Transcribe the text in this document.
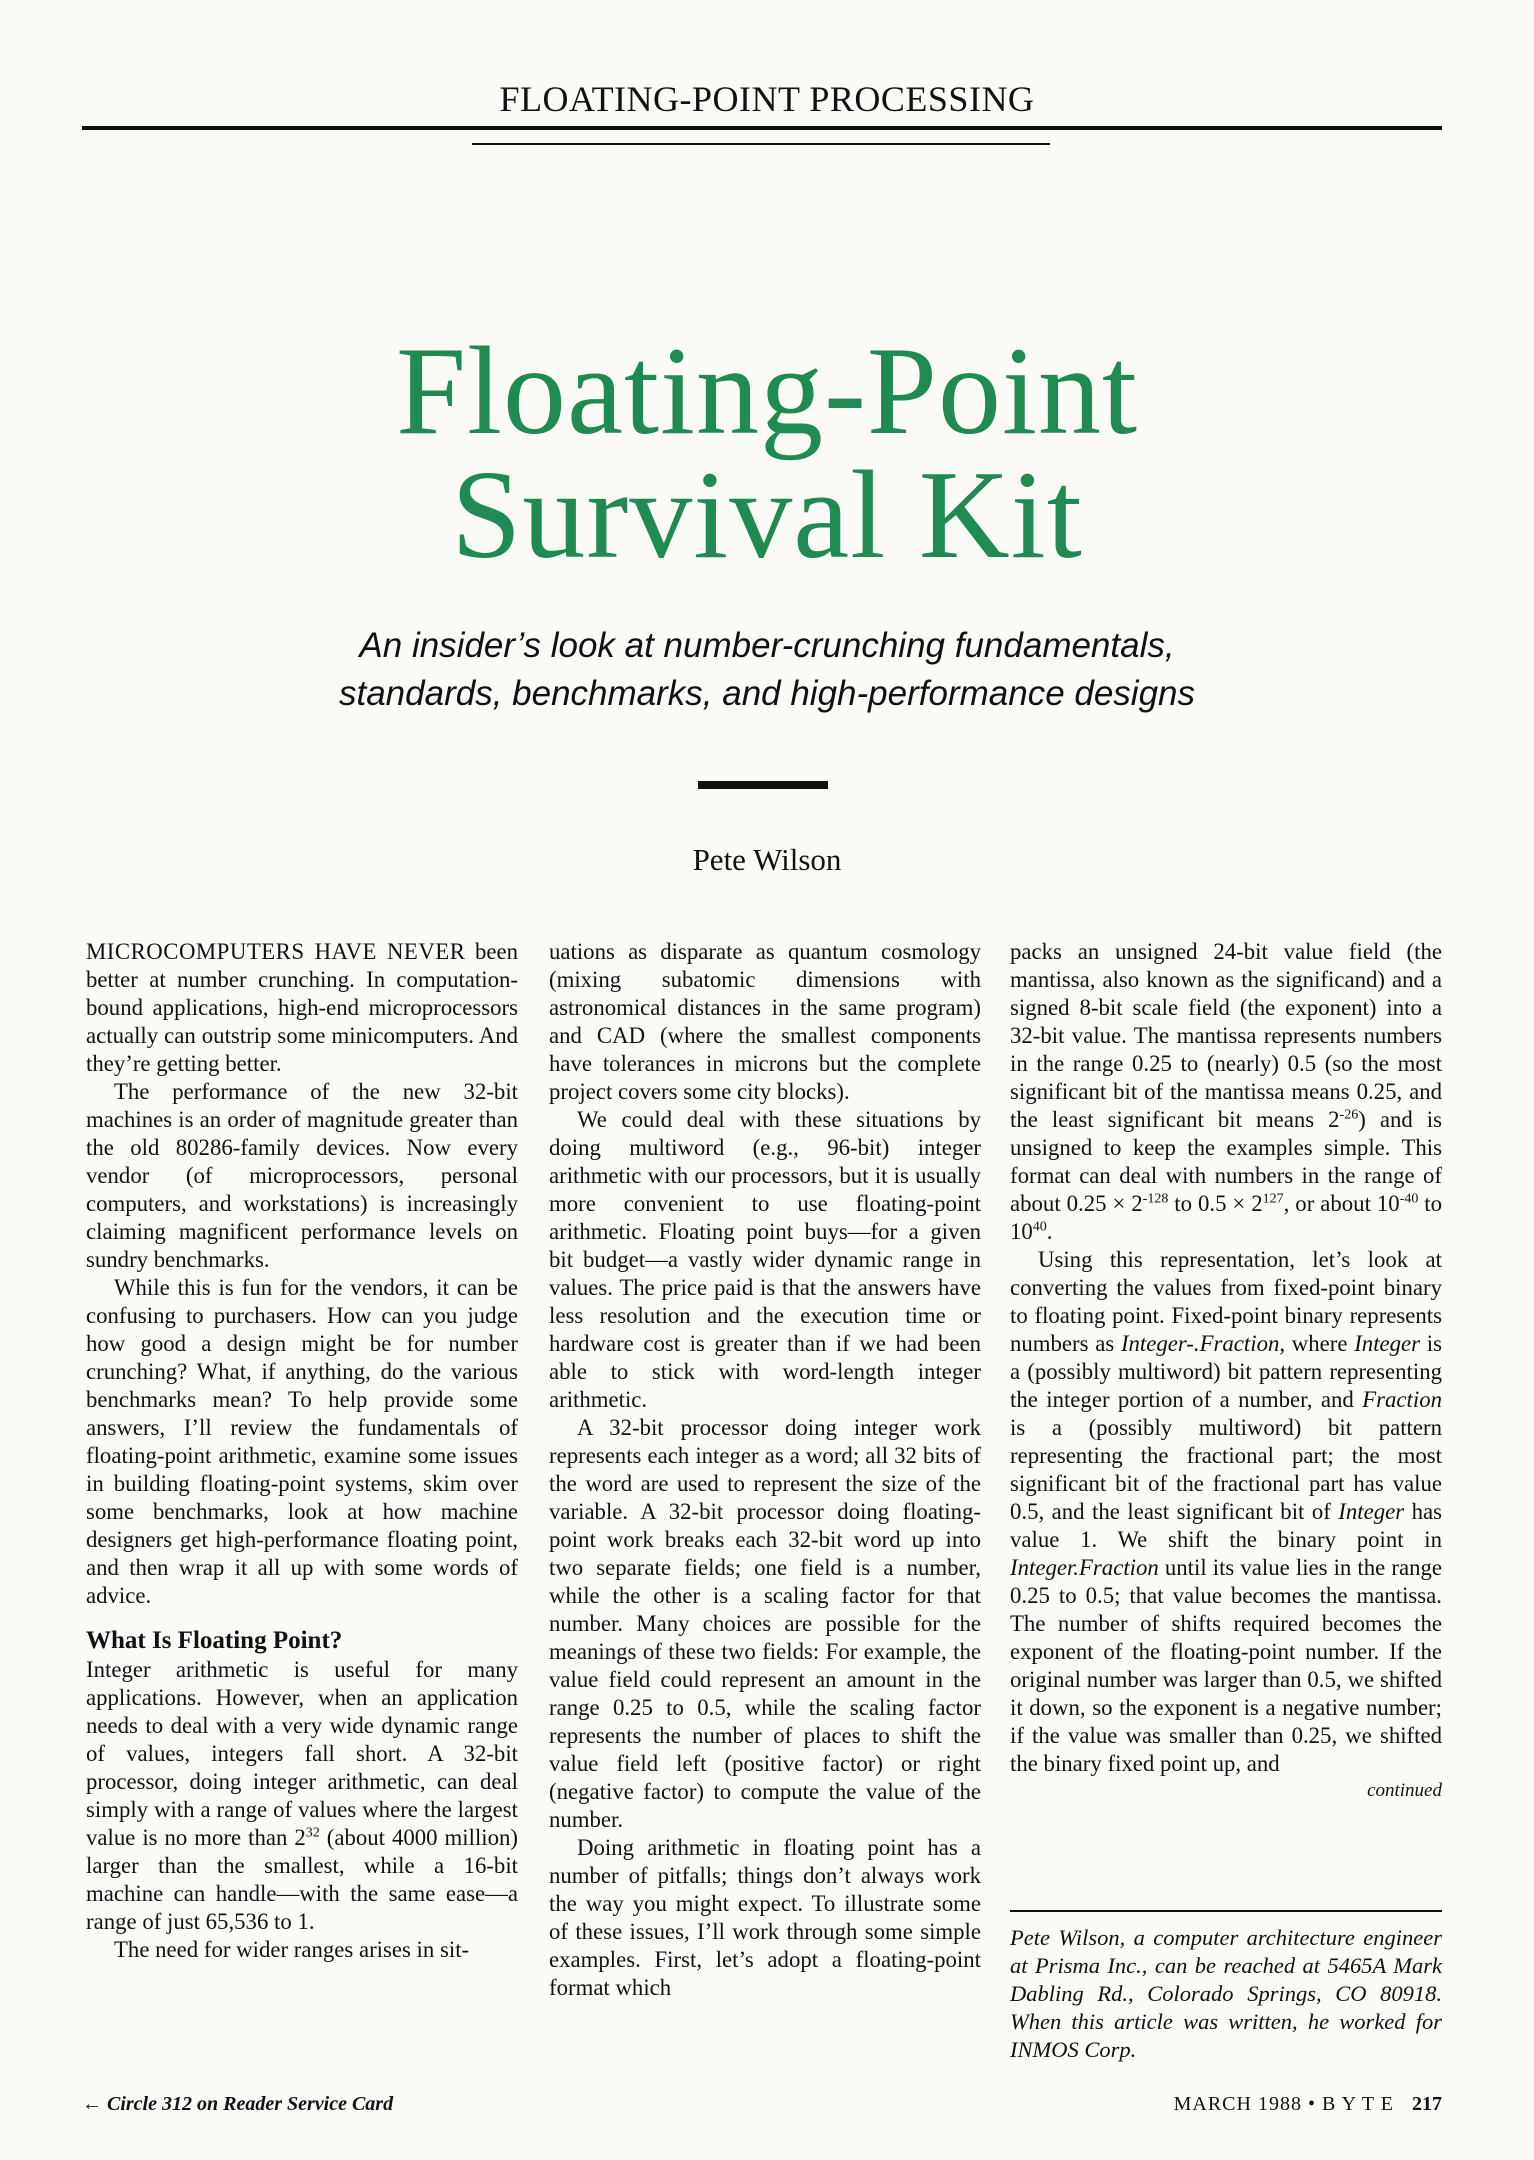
FLOATING-POINT PROCESSING
Floating-Point
Survival Kit
An insider’s look at number-crunching fundamentals,
standards, benchmarks, and high-performance designs
Pete Wilson

MICROCOMPUTERS HAVE NEVER been better at number crunching. In computation-bound applications, high-end microprocessors actually can outstrip some minicomputers. And they’re getting better.

The performance of the new 32-bit machines is an order of magnitude greater than the old 80286-family devices. Now every vendor (of microprocessors, personal computers, and workstations) is increasingly claiming magnificent performance levels on sundry benchmarks.

While this is fun for the vendors, it can be confusing to purchasers. How can you judge how good a design might be for number crunching? What, if anything, do the various benchmarks mean? To help provide some answers, I’ll review the fundamentals of floating-point arithmetic, examine some issues in building floating-point systems, skim over some benchmarks, look at how machine designers get high-performance floating point, and then wrap it all up with some words of advice.

What Is Floating Point?

Integer arithmetic is useful for many applications. However, when an application needs to deal with a very wide dynamic range of values, integers fall short. A 32-bit processor, doing integer arithmetic, can deal simply with a range of values where the largest value is no more than $2^{32}$ (about 4000 million) larger than the smallest, while a 16-bit machine can handle—with the same ease—a range of just 65,536 to 1.

The need for wider ranges arises in sit-

uations as disparate as quantum cosmology (mixing subatomic dimensions with astronomical distances in the same program) and CAD (where the smallest components have tolerances in microns but the complete project covers some city blocks).

We could deal with these situations by doing multiword (e.g., 96-bit) integer arithmetic with our processors, but it is usually more convenient to use floating-point arithmetic. Floating point buys—for a given bit budget—a vastly wider dynamic range in values. The price paid is that the answers have less resolution and the execution time or hardware cost is greater than if we had been able to stick with word-length integer arithmetic.

A 32-bit processor doing integer work represents each integer as a word; all 32 bits of the word are used to represent the size of the variable. A 32-bit processor doing floating-point work breaks each 32-bit word up into two separate fields; one field is a number, while the other is a scaling factor for that number. Many choices are possible for the meanings of these two fields: For example, the value field could represent an amount in the range 0.25 to 0.5, while the scaling factor represents the number of places to shift the value field left (positive factor) or right (negative factor) to compute the value of the number.

Doing arithmetic in floating point has a number of pitfalls; things don’t always work the way you might expect. To illustrate some of these issues, I’ll work through some simple examples. First, let’s adopt a floating-point format which

packs an unsigned 24-bit value field (the mantissa, also known as the significand) and a signed 8-bit scale field (the exponent) into a 32-bit value. The mantissa represents numbers in the range 0.25 to (nearly) 0.5 (so the most significant bit of the mantissa means 0.25, and the least significant bit means $2^{-26}$) and is unsigned to keep the examples simple. This format can deal with numbers in the range of about $0.25 \times 2^{-128}$ to $0.5 \times 2^{127}$, or about $10^{-40}$ to $10^{40}$.

Using this representation, let’s look at converting the values from fixed-point binary to floating point. Fixed-point binary represents numbers as Integer-.Fraction, where Integer is a (possibly multiword) bit pattern representing the integer portion of a number, and Fraction is a (possibly multiword) bit pattern representing the fractional part; the most significant bit of the fractional part has value 0.5, and the least significant bit of Integer has value 1. We shift the binary point in Integer.Fraction until its value lies in the range 0.25 to 0.5; that value becomes the mantissa. The number of shifts required becomes the exponent of the floating-point number. If the original number was larger than 0.5, we shifted it down, so the exponent is a negative number; if the value was smaller than 0.25, we shifted the binary fixed point up, and

continued
Pete Wilson, a computer architecture engineer at Prisma Inc., can be reached at 5465A Mark Dabling Rd., Colorado Springs, CO 80918. When this article was written, he worked for INMOS Corp.
← Circle 312 on Reader Service Card	MARCH 1988 • B Y T E 217
